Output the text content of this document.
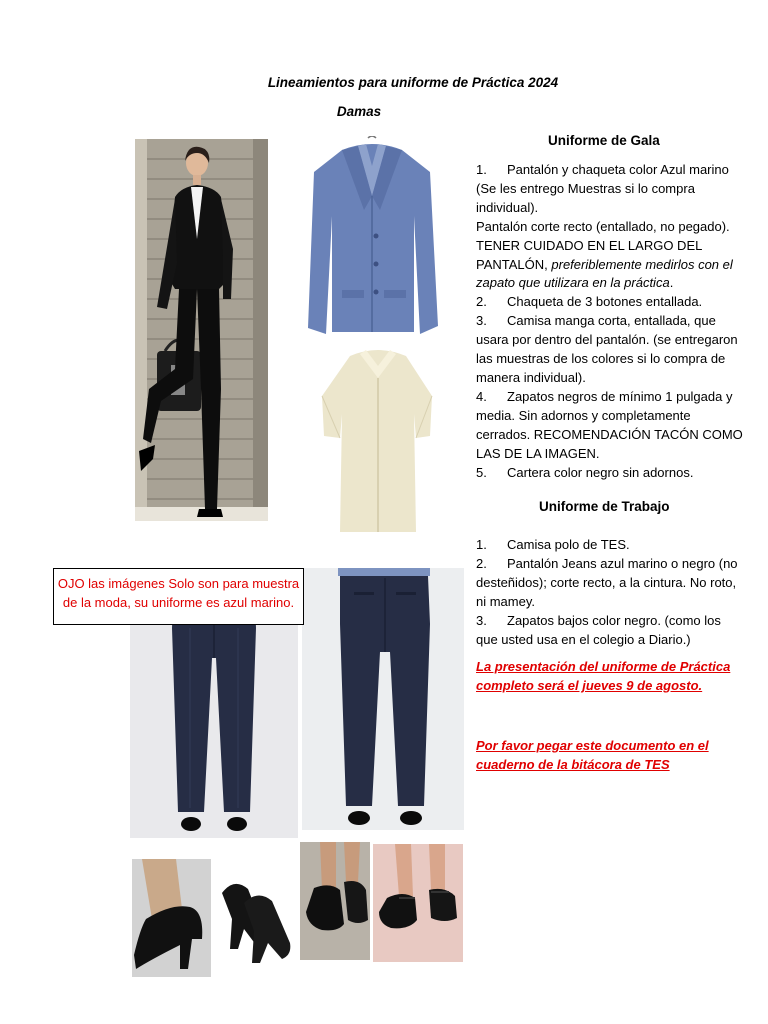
Lineamientos para uniforme de Práctica 2024
Damas
Uniforme de Gala

1. Pantalón y chaqueta color Azul marino (Se les entrego Muestras si lo compra individual).

Pantalón corte recto (entallado, no pegado). TENER CUIDADO EN EL LARGO DEL PANTALÓN, preferiblemente medirlos con el zapato que utilizara en la práctica.

2. Chaqueta de 3 botones entallada.

3. Camisa manga corta, entallada, que usara por dentro del pantalón. (se entregaron las muestras de los colores si lo compra de manera individual).

4. Zapatos negros de mínimo 1 pulgada y media. Sin adornos y completamente cerrados. RECOMENDACIÓN TACÓN COMO LAS DE LA IMAGEN.

5. Cartera color negro sin adornos.

Uniforme de Trabajo

1. Camisa polo de TES.

2. Pantalón Jeans azul marino o negro (no desteñidos); corte recto, a la cintura. No roto, ni mamey.

3. Zapatos bajos color negro. (como los que usted usa en el colegio a Diario.)

La presentación del uniforme de Práctica completo será el jueves 9 de agosto.
Por favor pegar este documento en el cuaderno de la bitácora de TES
OJO las imágenes Solo son para muestra de la moda, su uniforme es azul marino.
